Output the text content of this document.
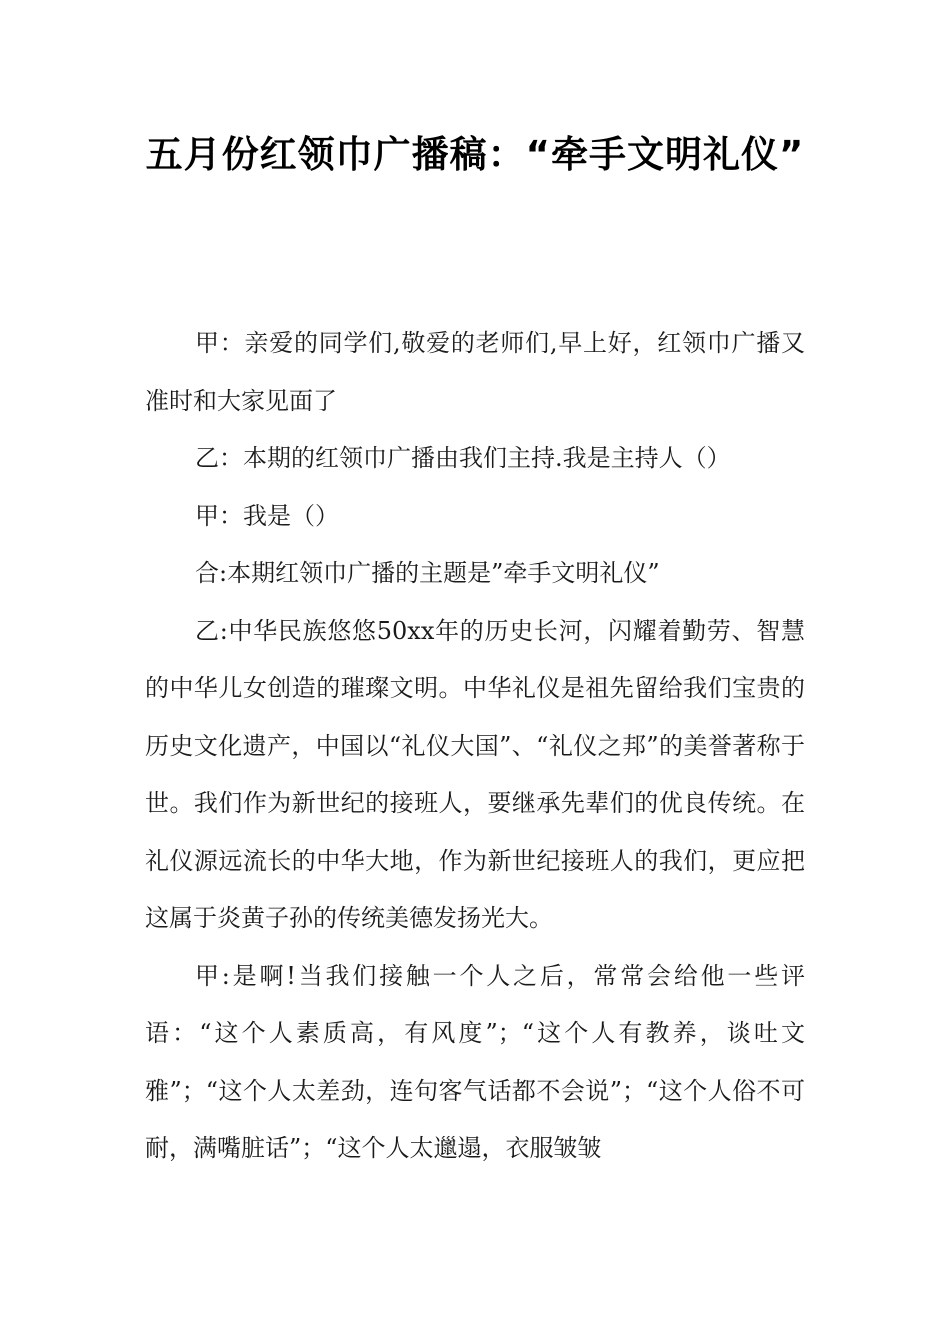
五月份红领巾广播稿：“牵手文明礼仪”

甲：亲爱的同学们,敬爱的老师们,早上好，红领巾广播又准时和大家见面了

乙：本期的红领巾广播由我们主持.我是主持人（）

甲：我是（）

合:本期红领巾广播的主题是”牵手文明礼仪”

乙:中华民族悠悠50xx年的历史长河，闪耀着勤劳、智慧的中华儿女创造的璀璨文明。中华礼仪是祖先留给我们宝贵的历史文化遗产，中国以“礼仪大国”、“礼仪之邦”的美誉著称于世。我们作为新世纪的接班人，要继承先辈们的优良传统。在礼仪源远流长的中华大地，作为新世纪接班人的我们，更应把这属于炎黄子孙的传统美德发扬光大。

甲:是啊!当我们接触一个人之后，常常会给他一些评语：“这个人素质高，有风度”；“这个人有教养，谈吐文雅”；“这个人太差劲，连句客气话都不会说”；“这个人俗不可耐，满嘴脏话”；“这个人太邋遢，衣服皱皱
